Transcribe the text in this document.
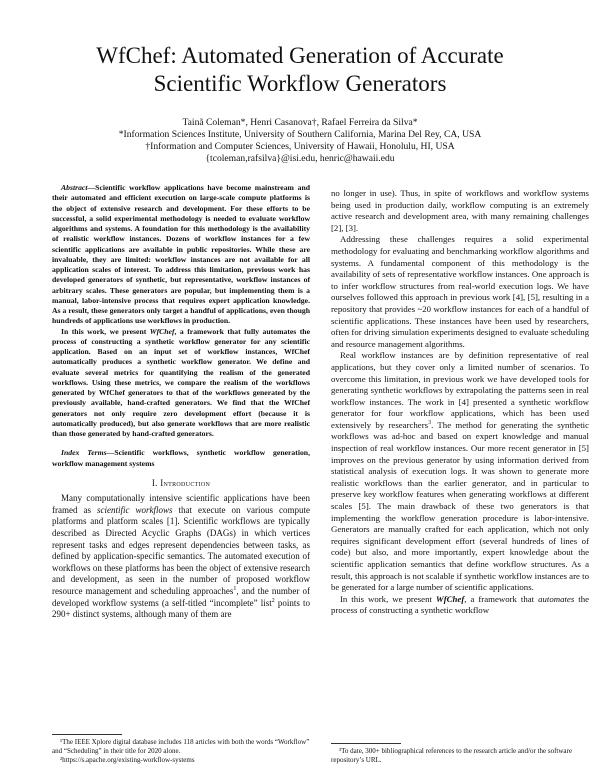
WfChef: Automated Generation of Accurate
Scientific Workflow Generators
Tainã Coleman*, Henri Casanova†, Rafael Ferreira da Silva*
*Information Sciences Institute, University of Southern California, Marina Del Rey, CA, USA
†Information and Computer Sciences, University of Hawaii, Honolulu, HI, USA
{tcoleman,rafsilva}@isi.edu, henric@hawaii.edu

Abstract—Scientific workflow applications have become mainstream and their automated and efficient execution on large-scale compute platforms is the object of extensive research and development. For these efforts to be successful, a solid experimental methodology is needed to evaluate workflow algorithms and systems. A foundation for this methodology is the availability of realistic workflow instances. Dozens of workflow instances for a few scientific applications are available in public repositories. While these are invaluable, they are limited: workflow instances are not available for all application scales of interest. To address this limitation, previous work has developed generators of synthetic, but representative, workflow instances of arbitrary scales. These generators are popular, but implementing them is a manual, labor-intensive process that requires expert application knowledge. As a result, these generators only target a handful of applications, even though hundreds of applications use workflows in production.

In this work, we present WfChef, a framework that fully automates the process of constructing a synthetic workflow generator for any scientific application. Based on an input set of workflow instances, WfChef automatically produces a synthetic workflow generator. We define and evaluate several metrics for quantifying the realism of the generated workflows. Using these metrics, we compare the realism of the workflows generated by WfChef generators to that of the workflows generated by the previously available, hand-crafted generators. We find that the WfChef generators not only require zero development effort (because it is automatically produced), but also generate workflows that are more realistic than those generated by hand-crafted generators.

Index Terms—Scientific workflows, synthetic workflow generation, workflow management systems
I. Introduction

Many computationally intensive scientific applications have been framed as scientific workflows that execute on various compute platforms and platform scales [1]. Scientific workflows are typically described as Directed Acyclic Graphs (DAGs) in which vertices represent tasks and edges represent dependencies between tasks, as defined by application-specific semantics. The automated execution of workflows on these platforms has been the object of extensive research and development, as seen in the number of proposed workflow resource management and scheduling approaches$^1$, and the number of developed workflow systems (a self-titled “incomplete” list$^2$ points to 290+ distinct systems, although many of them are

¹The IEEE Xplore digital database includes 118 articles with both the words “Workflow” and “Scheduling” in their title for 2020 alone.

²https://s.apache.org/existing-workflow-systems

no longer in use). Thus, in spite of workflows and workflow systems being used in production daily, workflow computing is an extremely active research and development area, with many remaining challenges [2], [3].

Addressing these challenges requires a solid experimental methodology for evaluating and benchmarking workflow algorithms and systems. A fundamental component of this methodology is the availability of sets of representative workflow instances. One approach is to infer workflow structures from real-world execution logs. We have ourselves followed this approach in previous work [4], [5], resulting in a repository that provides ~20 workflow instances for each of a handful of scientific applications. These instances have been used by researchers, often for driving simulation experiments designed to evaluate scheduling and resource management algorithms.

Real workflow instances are by definition representative of real applications, but they cover only a limited number of scenarios. To overcome this limitation, in previous work we have developed tools for generating synthetic workflows by extrapolating the patterns seen in real workflow instances. The work in [4] presented a synthetic workflow generator for four workflow applications, which has been used extensively by researchers$^3$. The method for generating the synthetic workflows was ad-hoc and based on expert knowledge and manual inspection of real workflow instances. Our more recent generator in [5] improves on the previous generator by using information derived from statistical analysis of execution logs. It was shown to generate more realistic workflows than the earlier generator, and in particular to preserve key workflow features when generating workflows at different scales [5]. The main drawback of these two generators is that implementing the workflow generation procedure is labor-intensive. Generators are manually crafted for each application, which not only requires significant development effort (several hundreds of lines of code) but also, and more importantly, expert knowledge about the scientific application semantics that define workflow structures. As a result, this approach is not scalable if synthetic workflow instances are to be generated for a large number of scientific applications.

In this work, we present WfChef, a framework that automates the process of constructing a synthetic workflow

³To date, 300+ bibliographical references to the research article and/or the software repository’s URL.
